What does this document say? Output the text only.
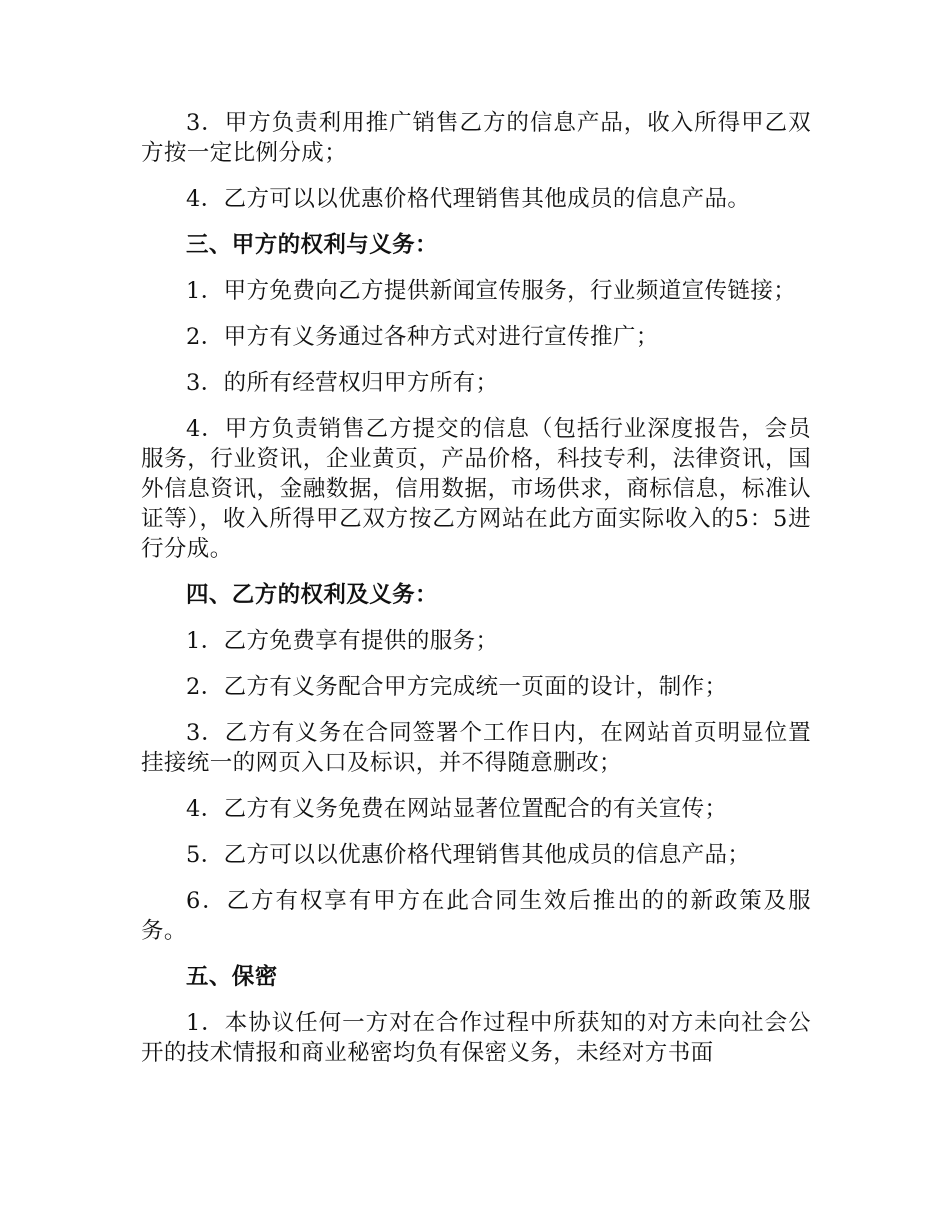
3．甲方负责利用推广销售乙方的信息产品，收入所得甲乙双方按一定比例分成；

4．乙方可以以优惠价格代理销售其他成员的信息产品。

三、甲方的权利与义务：

1．甲方免费向乙方提供新闻宣传服务，行业频道宣传链接；

2．甲方有义务通过各种方式对进行宣传推广；

3．的所有经营权归甲方所有；

4．甲方负责销售乙方提交的信息（包括行业深度报告，会员服务，行业资讯，企业黄页，产品价格，科技专利，法律资讯，国外信息资讯，金融数据，信用数据，市场供求，商标信息，标准认证等），收入所得甲乙双方按乙方网站在此方面实际收入的5：5进行分成。

四、乙方的权利及义务：

1．乙方免费享有提供的服务；

2．乙方有义务配合甲方完成统一页面的设计，制作；

3．乙方有义务在合同签署个工作日内，在网站首页明显位置挂接统一的网页入口及标识，并不得随意删改；

4．乙方有义务免费在网站显著位置配合的有关宣传；

5．乙方可以以优惠价格代理销售其他成员的信息产品；

6．乙方有权享有甲方在此合同生效后推出的的新政策及服务。

五、保密

1．本协议任何一方对在合作过程中所获知的对方未向社会公开的技术情报和商业秘密均负有保密义务，未经对方书面
